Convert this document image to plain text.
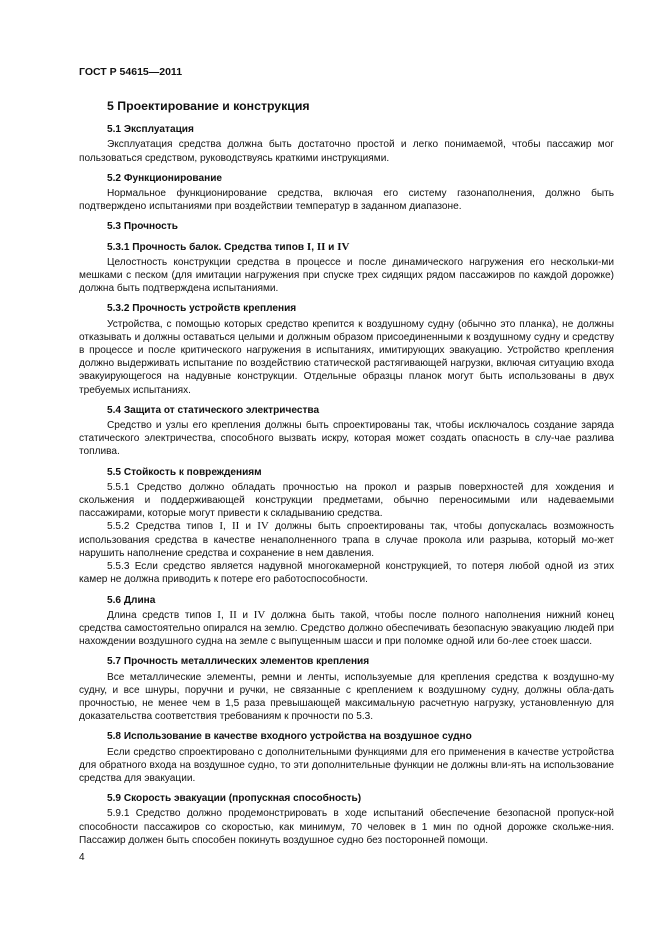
ГОСТ Р 54615—2011
5 Проектирование и конструкция
5.1 Эксплуатация

Эксплуатация средства должна быть достаточно простой и легко понимаемой, чтобы пассажир мог пользоваться средством, руководствуясь краткими инструкциями.

5.2 Функционирование

Нормальное функционирование средства, включая его систему газонаполнения, должно быть подтверждено испытаниями при воздействии температур в заданном диапазоне.

5.3 Прочность
5.3.1 Прочность балок. Средства типов I, II и IV

Целостность конструкции средства в процессе и после динамического нагружения его нескольки-ми мешками с песком (для имитации нагружения при спуске трех сидящих рядом пассажиров по каждой дорожке) должна быть подтверждена испытаниями.

5.3.2 Прочность устройств крепления

Устройства, с помощью которых средство крепится к воздушному судну (обычно это планка), не должны отказывать и должны оставаться целыми и должным образом присоединенными к воздушному судну и средству в процессе и после критического нагружения в испытаниях, имитирующих эвакуацию. Устройство крепления должно выдерживать испытание по воздействию статической растягивающей нагрузки, включая ситуацию входа эвакуирующегося на надувные конструкции. Отдельные образцы планок могут быть использованы в двух требуемых испытаниях.

5.4 Защита от статического электричества

Средство и узлы его крепления должны быть спроектированы так, чтобы исключалось создание заряда статического электричества, способного вызвать искру, которая может создать опасность в слу-чае разлива топлива.

5.5 Стойкость к повреждениям

5.5.1 Средство должно обладать прочностью на прокол и разрыв поверхностей для хождения и скольжения и поддерживающей конструкции предметами, обычно переносимыми или надеваемыми пассажирами, которые могут привести к складыванию средства.

5.5.2 Средства типов I, II и IV должны быть спроектированы так, чтобы допускалась возможность использования средства в качестве ненаполненного трапа в случае прокола или разрыва, который мо-жет нарушить наполнение средства и сохранение в нем давления.

5.5.3 Если средство является надувной многокамерной конструкцией, то потеря любой одной из этих камер не должна приводить к потере его работоспособности.

5.6 Длина

Длина средств типов I, II и IV должна быть такой, чтобы после полного наполнения нижний конец средства самостоятельно опирался на землю. Средство должно обеспечивать безопасную эвакуацию людей при нахождении воздушного судна на земле с выпущенным шасси и при поломке одной или бо-лее стоек шасси.

5.7 Прочность металлических элементов крепления

Все металлические элементы, ремни и ленты, используемые для крепления средства к воздушно-му судну, и все шнуры, поручни и ручки, не связанные с креплением к воздушному судну, должны обла-дать прочностью, не менее чем в 1,5 раза превышающей максимальную расчетную нагрузку, установленную для доказательства соответствия требованиям к прочности по 5.3.

5.8 Использование в качестве входного устройства на воздушное судно

Если средство спроектировано с дополнительными функциями для его применения в качестве устройства для обратного входа на воздушное судно, то эти дополнительные функции не должны вли-ять на использование средства для эвакуации.

5.9 Скорость эвакуации (пропускная способность)

5.9.1 Средство должно продемонстрировать в ходе испытаний обеспечение безопасной пропуск-ной способности пассажиров со скоростью, как минимум, 70 человек в 1 мин по одной дорожке скольже-ния. Пассажир должен быть способен покинуть воздушное судно без посторонней помощи.

4
